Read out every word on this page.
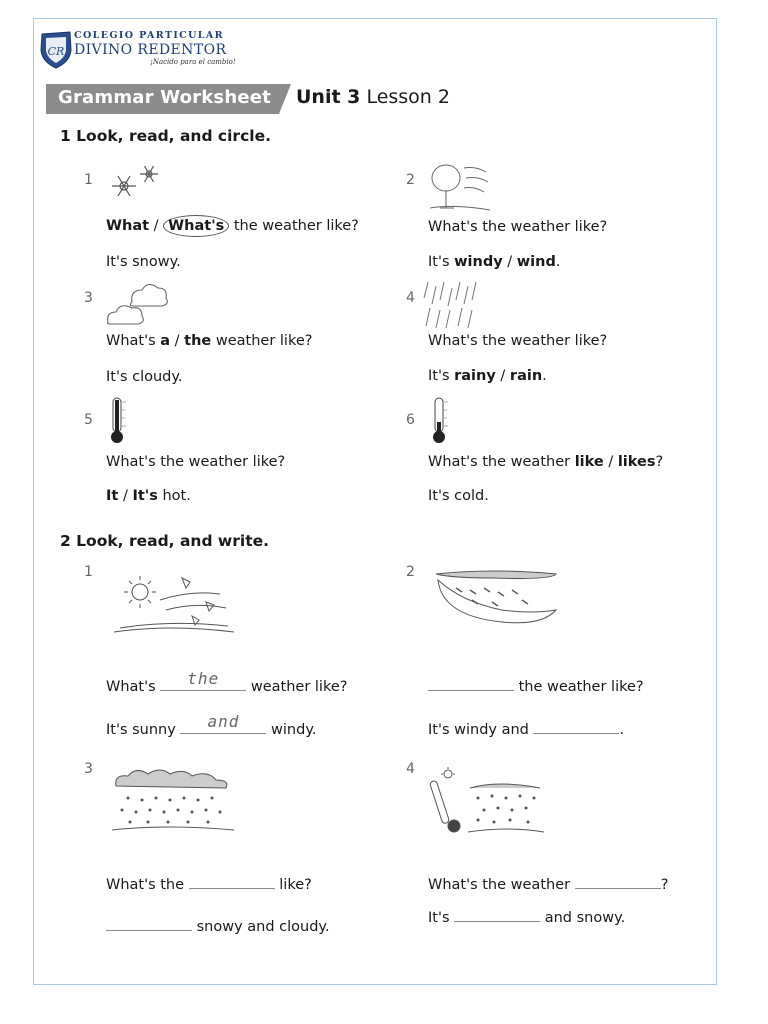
CR
COLEGIO PARTICULAR
DIVINO REDENTOR
¡Nacido para el cambio!
Grammar Worksheet Unit 3 Lesson 2
1 Look, read, and circle.
1
What / What's the weather like?
It's snowy.
2
What's the weather like?
It's windy / wind.
3
What's a / the weather like?
It's cloudy.
4
What's the weather like?
It's rainy / rain.
5
What's the weather like?
It / It's hot.
6
What's the weather like / likes?
It's cold.
2 Look, read, and write.
1
What's	the	weather like?
It's sunny	and	windy.
2
the weather like?
It's windy and	.
3
What's the	like?
snowy and cloudy.
4
What's the weather	?
It's	and snowy.
